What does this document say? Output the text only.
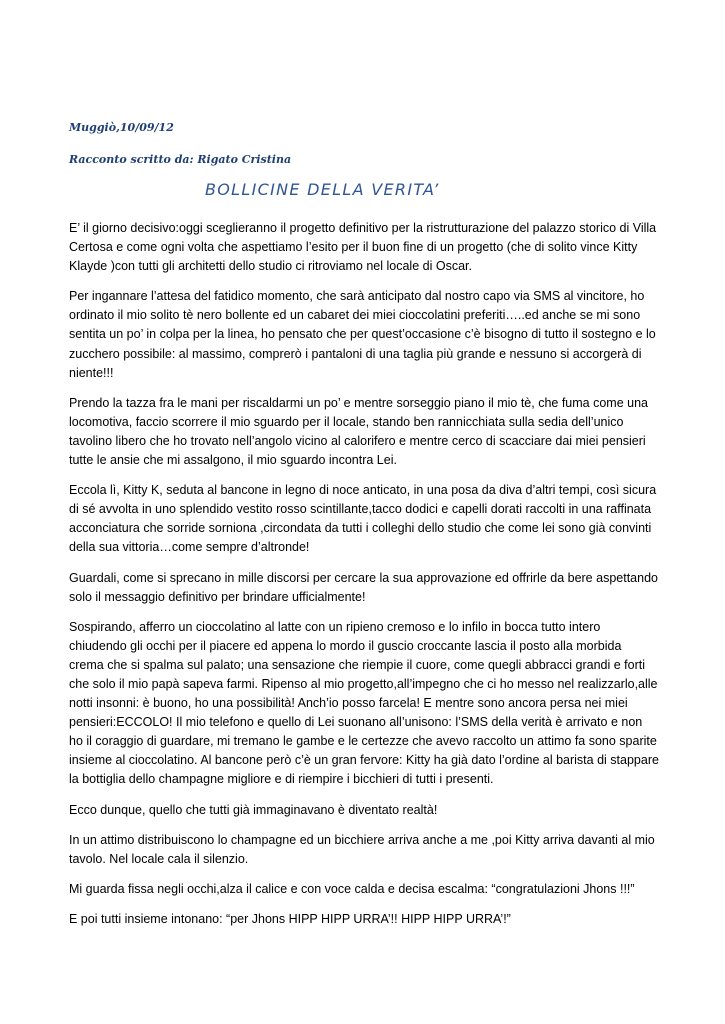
Muggiò,10/09/12

Racconto scritto da: Rigato Cristina

BOLLICINE DELLA VERITA’

E’ il giorno decisivo:oggi sceglieranno il progetto definitivo per la ristrutturazione del palazzo storico di Villa Certosa e come ogni volta che aspettiamo l’esito per il buon fine di un progetto (che di solito vince Kitty Klayde )con tutti gli architetti dello studio ci ritroviamo nel locale di Oscar.

Per ingannare l’attesa del fatidico momento, che sarà anticipato dal nostro capo via SMS al vincitore, ho ordinato il mio solito tè nero bollente ed un cabaret dei miei cioccolatini preferiti…..ed anche se mi sono sentita un po’ in colpa per la linea, ho pensato che per quest’occasione c’è bisogno di tutto il sostegno e lo zucchero possibile: al massimo, comprerò i pantaloni di una taglia più grande e nessuno si accorgerà di niente!!!

Prendo la tazza fra le mani per riscaldarmi un po’ e mentre sorseggio piano il mio tè, che fuma come una locomotiva, faccio scorrere il mio sguardo per il locale, stando ben rannicchiata sulla sedia dell’unico tavolino libero che ho trovato nell’angolo vicino al calorifero e mentre cerco di scacciare dai miei pensieri tutte le ansie che mi assalgono, il mio sguardo incontra Lei.

Eccola lì, Kitty K, seduta al bancone in legno di noce anticato, in una posa da diva d’altri tempi, così sicura di sé avvolta in uno splendido vestito rosso scintillante,tacco dodici e capelli dorati raccolti in una raffinata acconciatura che sorride sorniona ,circondata da tutti i colleghi dello studio che come lei sono già convinti della sua vittoria…come sempre d’altronde!

Guardali, come si sprecano in mille discorsi per cercare la sua approvazione ed offrirle da bere aspettando solo il messaggio definitivo per brindare ufficialmente!

Sospirando, afferro un cioccolatino al latte con un ripieno cremoso e lo infilo in bocca tutto intero chiudendo gli occhi per il piacere ed appena lo mordo il guscio croccante lascia il posto alla morbida crema che si spalma sul palato; una sensazione che riempie il cuore, come quegli abbracci grandi e forti che solo il mio papà sapeva farmi. Ripenso al mio progetto,all’impegno che ci ho messo nel realizzarlo,alle notti insonni: è buono, ho una possibilità! Anch’io posso farcela! E mentre sono ancora persa nei miei pensieri:ECCOLO! Il mio telefono e quello di Lei suonano all’unisono: l’SMS della verità è arrivato e non ho il coraggio di guardare, mi tremano le gambe e le certezze che avevo raccolto un attimo fa sono sparite insieme al cioccolatino. Al bancone però c’è un gran fervore: Kitty ha già dato l’ordine al barista di stappare la bottiglia dello champagne migliore e di riempire i bicchieri di tutti i presenti.

Ecco dunque, quello che tutti già immaginavano è diventato realtà!

In un attimo distribuiscono lo champagne ed un bicchiere arriva anche a me ,poi Kitty arriva davanti al mio tavolo. Nel locale cala il silenzio.

Mi guarda fissa negli occhi,alza il calice e con voce calda e decisa escalma: “congratulazioni Jhons !!!”

E poi tutti insieme intonano: “per Jhons HIPP HIPP URRA’!! HIPP HIPP URRA’!”
